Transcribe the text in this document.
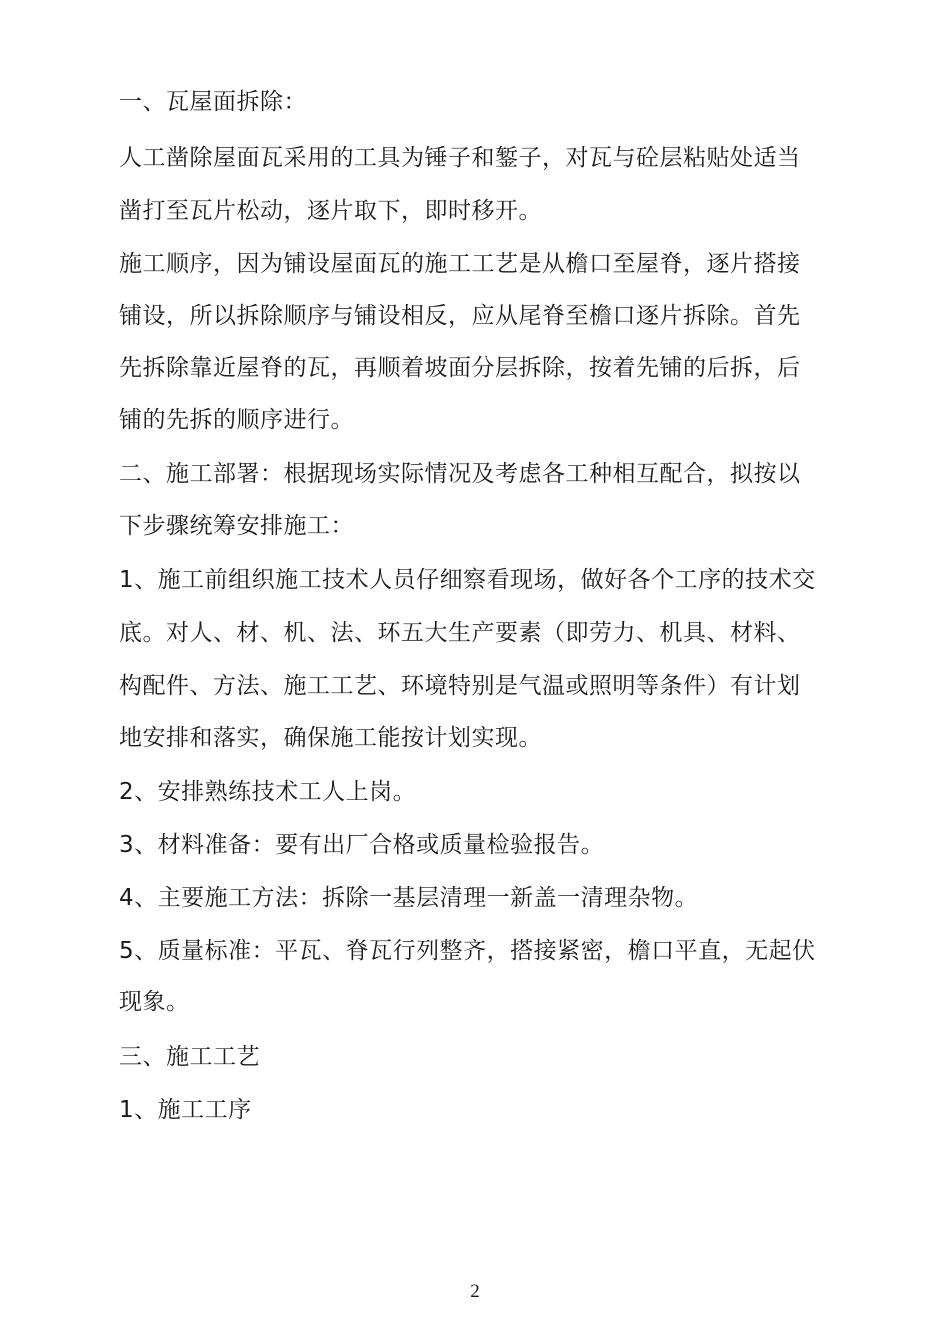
一、瓦屋面拆除：
人工凿除屋面瓦采用的工具为锤子和錾子，对瓦与砼层粘贴处适当
凿打至瓦片松动，逐片取下，即时移开。
施工顺序，因为铺设屋面瓦的施工工艺是从檐口至屋脊，逐片搭接
铺设，所以拆除顺序与铺设相反，应从尾脊至檐口逐片拆除。首先
先拆除靠近屋脊的瓦，再顺着坡面分层拆除，按着先铺的后拆，后
铺的先拆的顺序进行。
二、施工部署：根据现场实际情况及考虑各工种相互配合，拟按以
下步骤统筹安排施工：
1、施工前组织施工技术人员仔细察看现场，做好各个工序的技术交
底。对人、材、机、法、环五大生产要素（即劳力、机具、材料、
构配件、方法、施工工艺、环境特别是气温或照明等条件）有计划
地安排和落实，确保施工能按计划实现。
2、安排熟练技术工人上岗。
3、材料准备：要有出厂合格或质量检验报告。
4、主要施工方法：拆除一基层清理一新盖一清理杂物。
5、质量标准：平瓦、脊瓦行列整齐，搭接紧密，檐口平直，无起伏
现象。
三、施工工艺
1、施工工序
2
